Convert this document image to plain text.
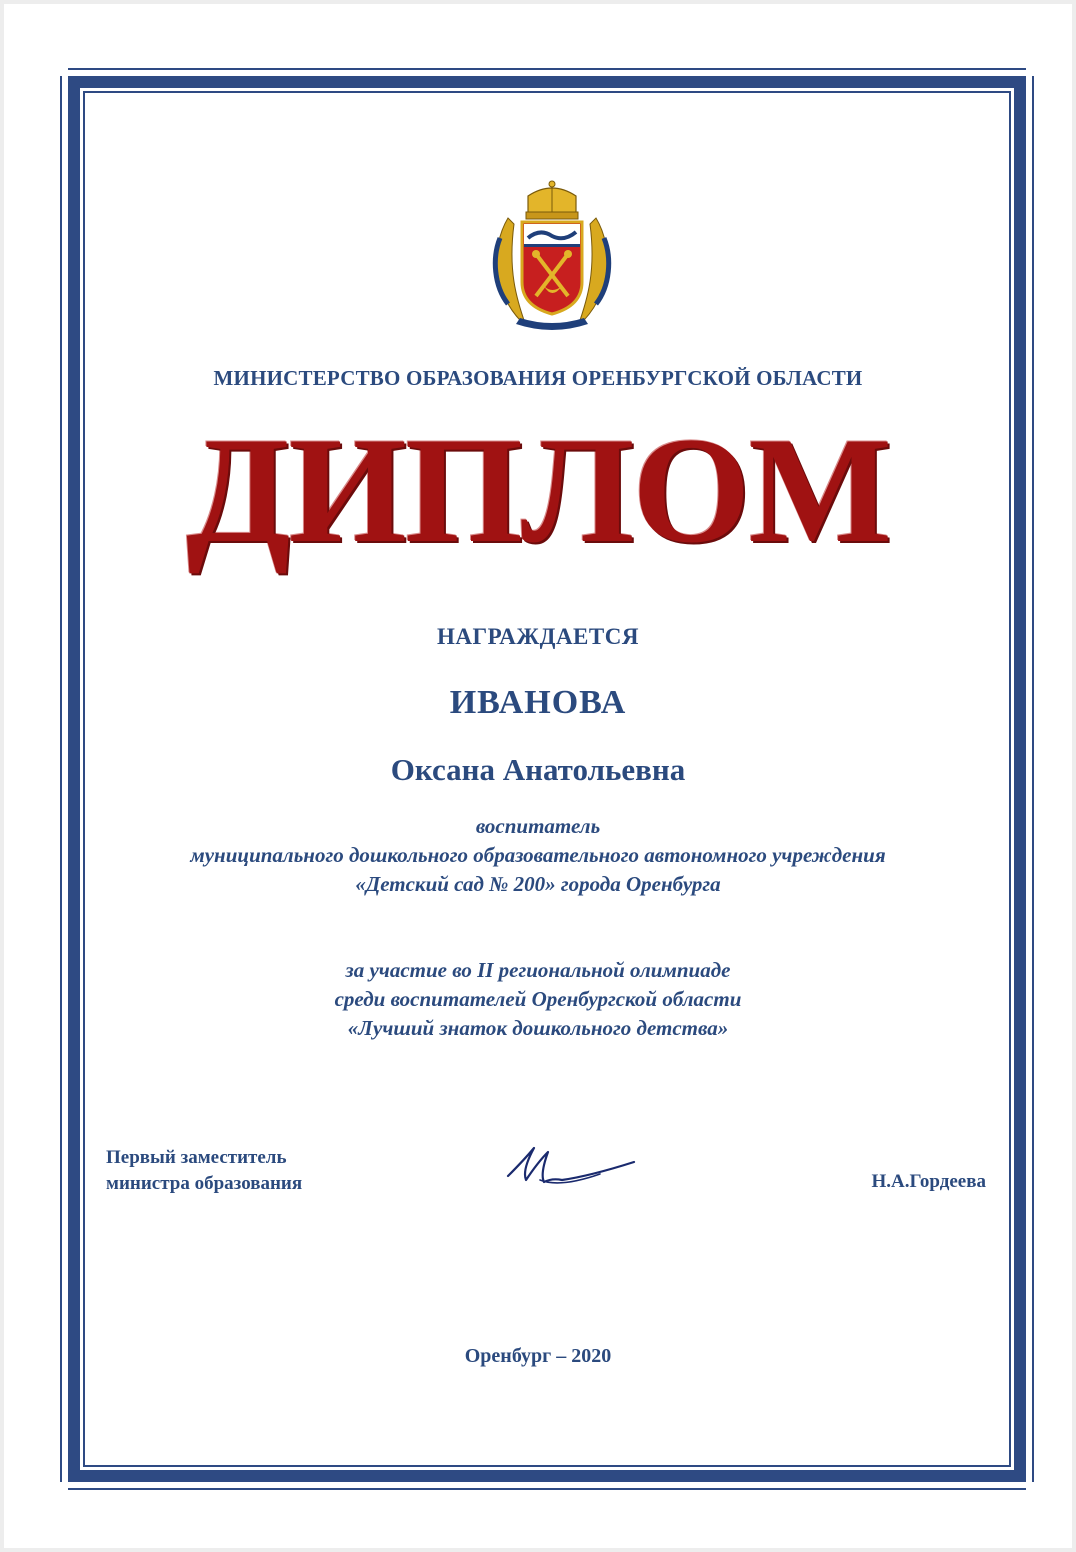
МИНИСТЕРСТВО ОБРАЗОВАНИЯ ОРЕНБУРГСКОЙ ОБЛАСТИ

ДИПЛОМ

НАГРАЖДАЕТСЯ

ИВАНОВА

Оксана Анатольевна

воспитатель

муниципального дошкольного образовательного автономного учреждения

«Детский сад № 200» города Оренбурга

за участие во II региональной олимпиаде

среди воспитателей Оренбургской области

«Лучший знаток дошкольного детства»

Первый заместитель
министра образования	Н.А.Гордеева

Оренбург – 2020
